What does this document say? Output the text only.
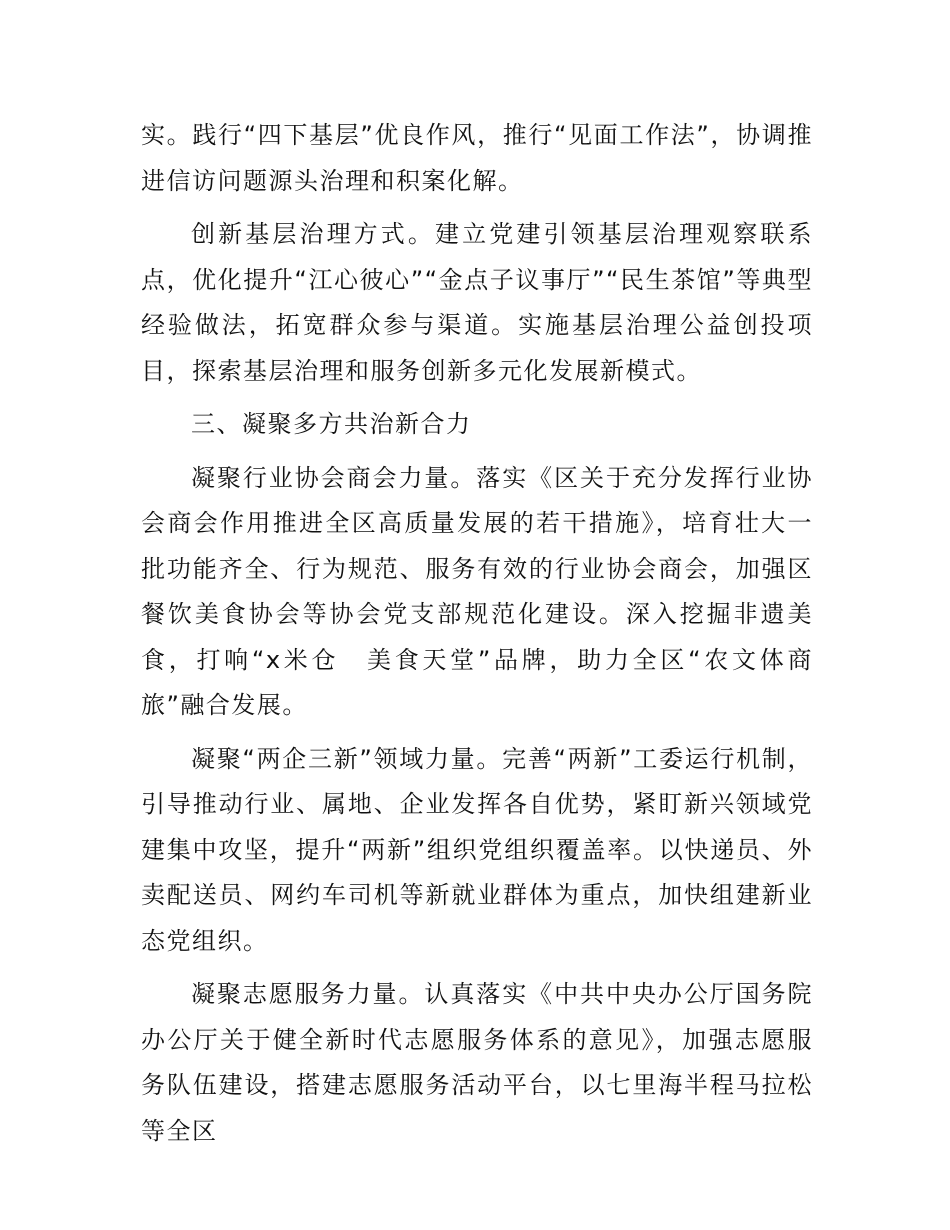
实。践行“四下基层”优良作风，推行“见面工作法”，协调推进信访问题源头治理和积案化解。

创新基层治理方式。建立党建引领基层治理观察联系点，优化提升“江心彼心”“金点子议事厅”“民生茶馆”等典型经验做法，拓宽群众参与渠道。实施基层治理公益创投项目，探索基层治理和服务创新多元化发展新模式。

三、凝聚多方共治新合力

凝聚行业协会商会力量。落实《区关于充分发挥行业协会商会作用推进全区高质量发展的若干措施》，培育壮大一批功能齐全、行为规范、服务有效的行业协会商会，加强区餐饮美食协会等协会党支部规范化建设。深入挖掘非遗美食，打响“x米仓　美食天堂”品牌，助力全区“农文体商旅”融合发展。

凝聚“两企三新”领域力量。完善“两新”工委运行机制，引导推动行业、属地、企业发挥各自优势，紧盯新兴领域党建集中攻坚，提升“两新”组织党组织覆盖率。以快递员、外卖配送员、网约车司机等新就业群体为重点，加快组建新业态党组织。

凝聚志愿服务力量。认真落实《中共中央办公厅国务院办公厅关于健全新时代志愿服务体系的意见》，加强志愿服务队伍建设，搭建志愿服务活动平台，以七里海半程马拉松等全区
